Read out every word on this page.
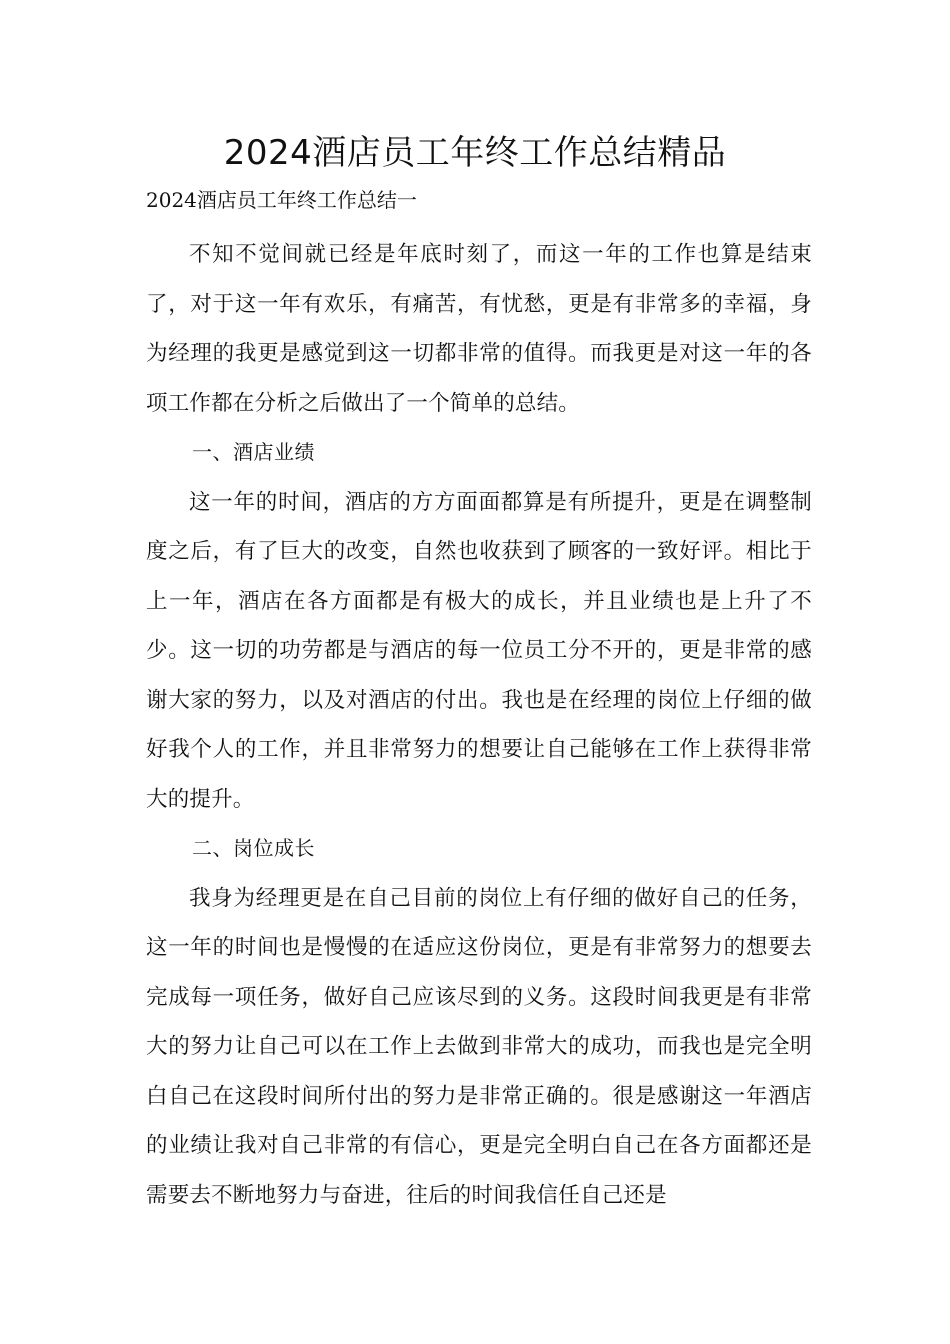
2024酒店员工年终工作总结精品

2024酒店员工年终工作总结一

不知不觉间就已经是年底时刻了，而这一年的工作也算是结束了，对于这一年有欢乐，有痛苦，有忧愁，更是有非常多的幸福，身为经理的我更是感觉到这一切都非常的值得。而我更是对这一年的各项工作都在分析之后做出了一个简单的总结。

一、酒店业绩

这一年的时间，酒店的方方面面都算是有所提升，更是在调整制度之后，有了巨大的改变，自然也收获到了顾客的一致好评。相比于上一年，酒店在各方面都是有极大的成长，并且业绩也是上升了不少。这一切的功劳都是与酒店的每一位员工分不开的，更是非常的感谢大家的努力，以及对酒店的付出。我也是在经理的岗位上仔细的做好我个人的工作，并且非常努力的想要让自己能够在工作上获得非常大的提升。

二、岗位成长

我身为经理更是在自己目前的岗位上有仔细的做好自己的任务，这一年的时间也是慢慢的在适应这份岗位，更是有非常努力的想要去完成每一项任务，做好自己应该尽到的义务。这段时间我更是有非常大的努力让自己可以在工作上去做到非常大的成功，而我也是完全明白自己在这段时间所付出的努力是非常正确的。很是感谢这一年酒店的业绩让我对自己非常的有信心，更是完全明白自己在各方面都还是需要去不断地努力与奋进，往后的时间我信任自己还是
